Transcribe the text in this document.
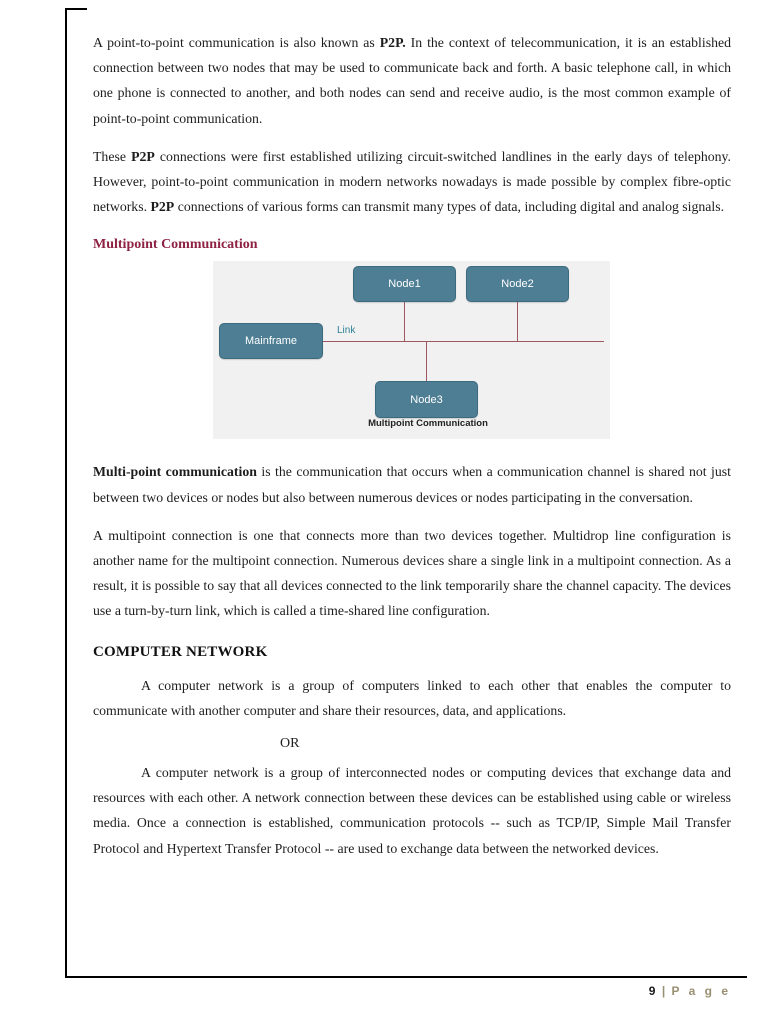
A point-to-point communication is also known as P2P. In the context of telecommunication, it is an established connection between two nodes that may be used to communicate back and forth. A basic telephone call, in which one phone is connected to another, and both nodes can send and receive audio, is the most common example of point-to-point communication.

These P2P connections were first established utilizing circuit-switched landlines in the early days of telephony. However, point-to-point communication in modern networks nowadays is made possible by complex fibre-optic networks. P2P connections of various forms can transmit many types of data, including digital and analog signals.

Multipoint Communication
Node1	Node2
Mainframe
Node3
Link
Multipoint Communication

Multi-point communication is the communication that occurs when a communication channel is shared not just between two devices or nodes but also between numerous devices or nodes participating in the conversation.

A multipoint connection is one that connects more than two devices together. Multidrop line configuration is another name for the multipoint connection. Numerous devices share a single link in a multipoint connection. As a result, it is possible to say that all devices connected to the link temporarily share the channel capacity. The devices use a turn-by-turn link, which is called a time-shared line configuration.

COMPUTER NETWORK

A computer network is a group of computers linked to each other that enables the computer to communicate with another computer and share their resources, data, and applications.

OR

A computer network is a group of interconnected nodes or computing devices that exchange data and resources with each other. A network connection between these devices can be established using cable or wireless media. Once a connection is established, communication protocols -- such as TCP/IP, Simple Mail Transfer Protocol and Hypertext Transfer Protocol -- are used to exchange data between the networked devices.

9 | P a g e
